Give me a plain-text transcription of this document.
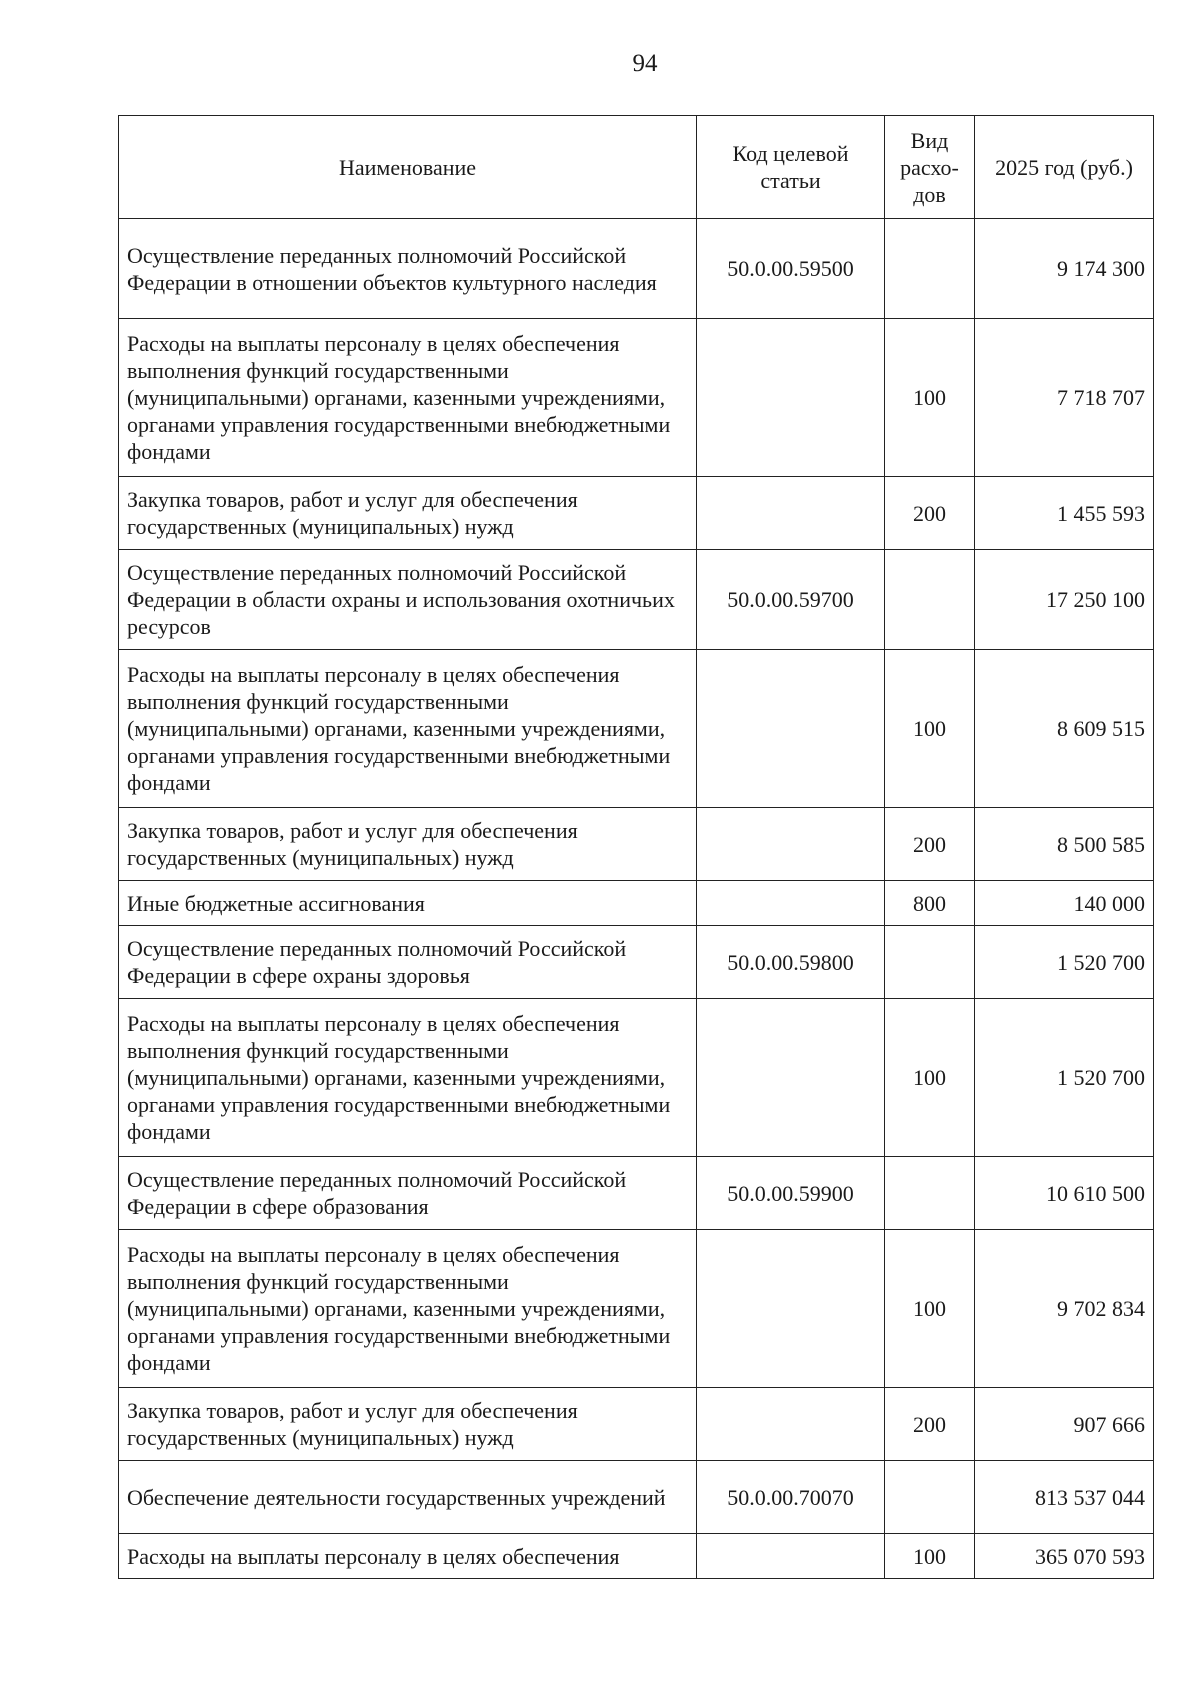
94
Наименование	Код целевой статьи	Вид расхо-дов	2025 год (руб.)
Осуществление переданных полномочий Российской Федерации в отношении объектов культурного наследия	50.0.00.59500		9 174 300
Расходы на выплаты персоналу в целях обеспечения выполнения функций государственными (муниципальными) органами, казенными учреждениями, органами управления государственными внебюджетными фондами		100	7 718 707
Закупка товаров, работ и услуг для обеспечения государственных (муниципальных) нужд		200	1 455 593
Осуществление переданных полномочий Российской Федерации в области охраны и использования охотничьих ресурсов	50.0.00.59700		17 250 100
Расходы на выплаты персоналу в целях обеспечения выполнения функций государственными (муниципальными) органами, казенными учреждениями, органами управления государственными внебюджетными фондами		100	8 609 515
Закупка товаров, работ и услуг для обеспечения государственных (муниципальных) нужд		200	8 500 585
Иные бюджетные ассигнования		800	140 000
Осуществление переданных полномочий Российской Федерации в сфере охраны здоровья	50.0.00.59800		1 520 700
Расходы на выплаты персоналу в целях обеспечения выполнения функций государственными (муниципальными) органами, казенными учреждениями, органами управления государственными внебюджетными фондами		100	1 520 700
Осуществление переданных полномочий Российской Федерации в сфере образования	50.0.00.59900		10 610 500
Расходы на выплаты персоналу в целях обеспечения выполнения функций государственными (муниципальными) органами, казенными учреждениями, органами управления государственными внебюджетными фондами		100	9 702 834
Закупка товаров, работ и услуг для обеспечения государственных (муниципальных) нужд		200	907 666
Обеспечение деятельности государственных учреждений	50.0.00.70070		813 537 044
Расходы на выплаты персоналу в целях обеспечения		100	365 070 593
